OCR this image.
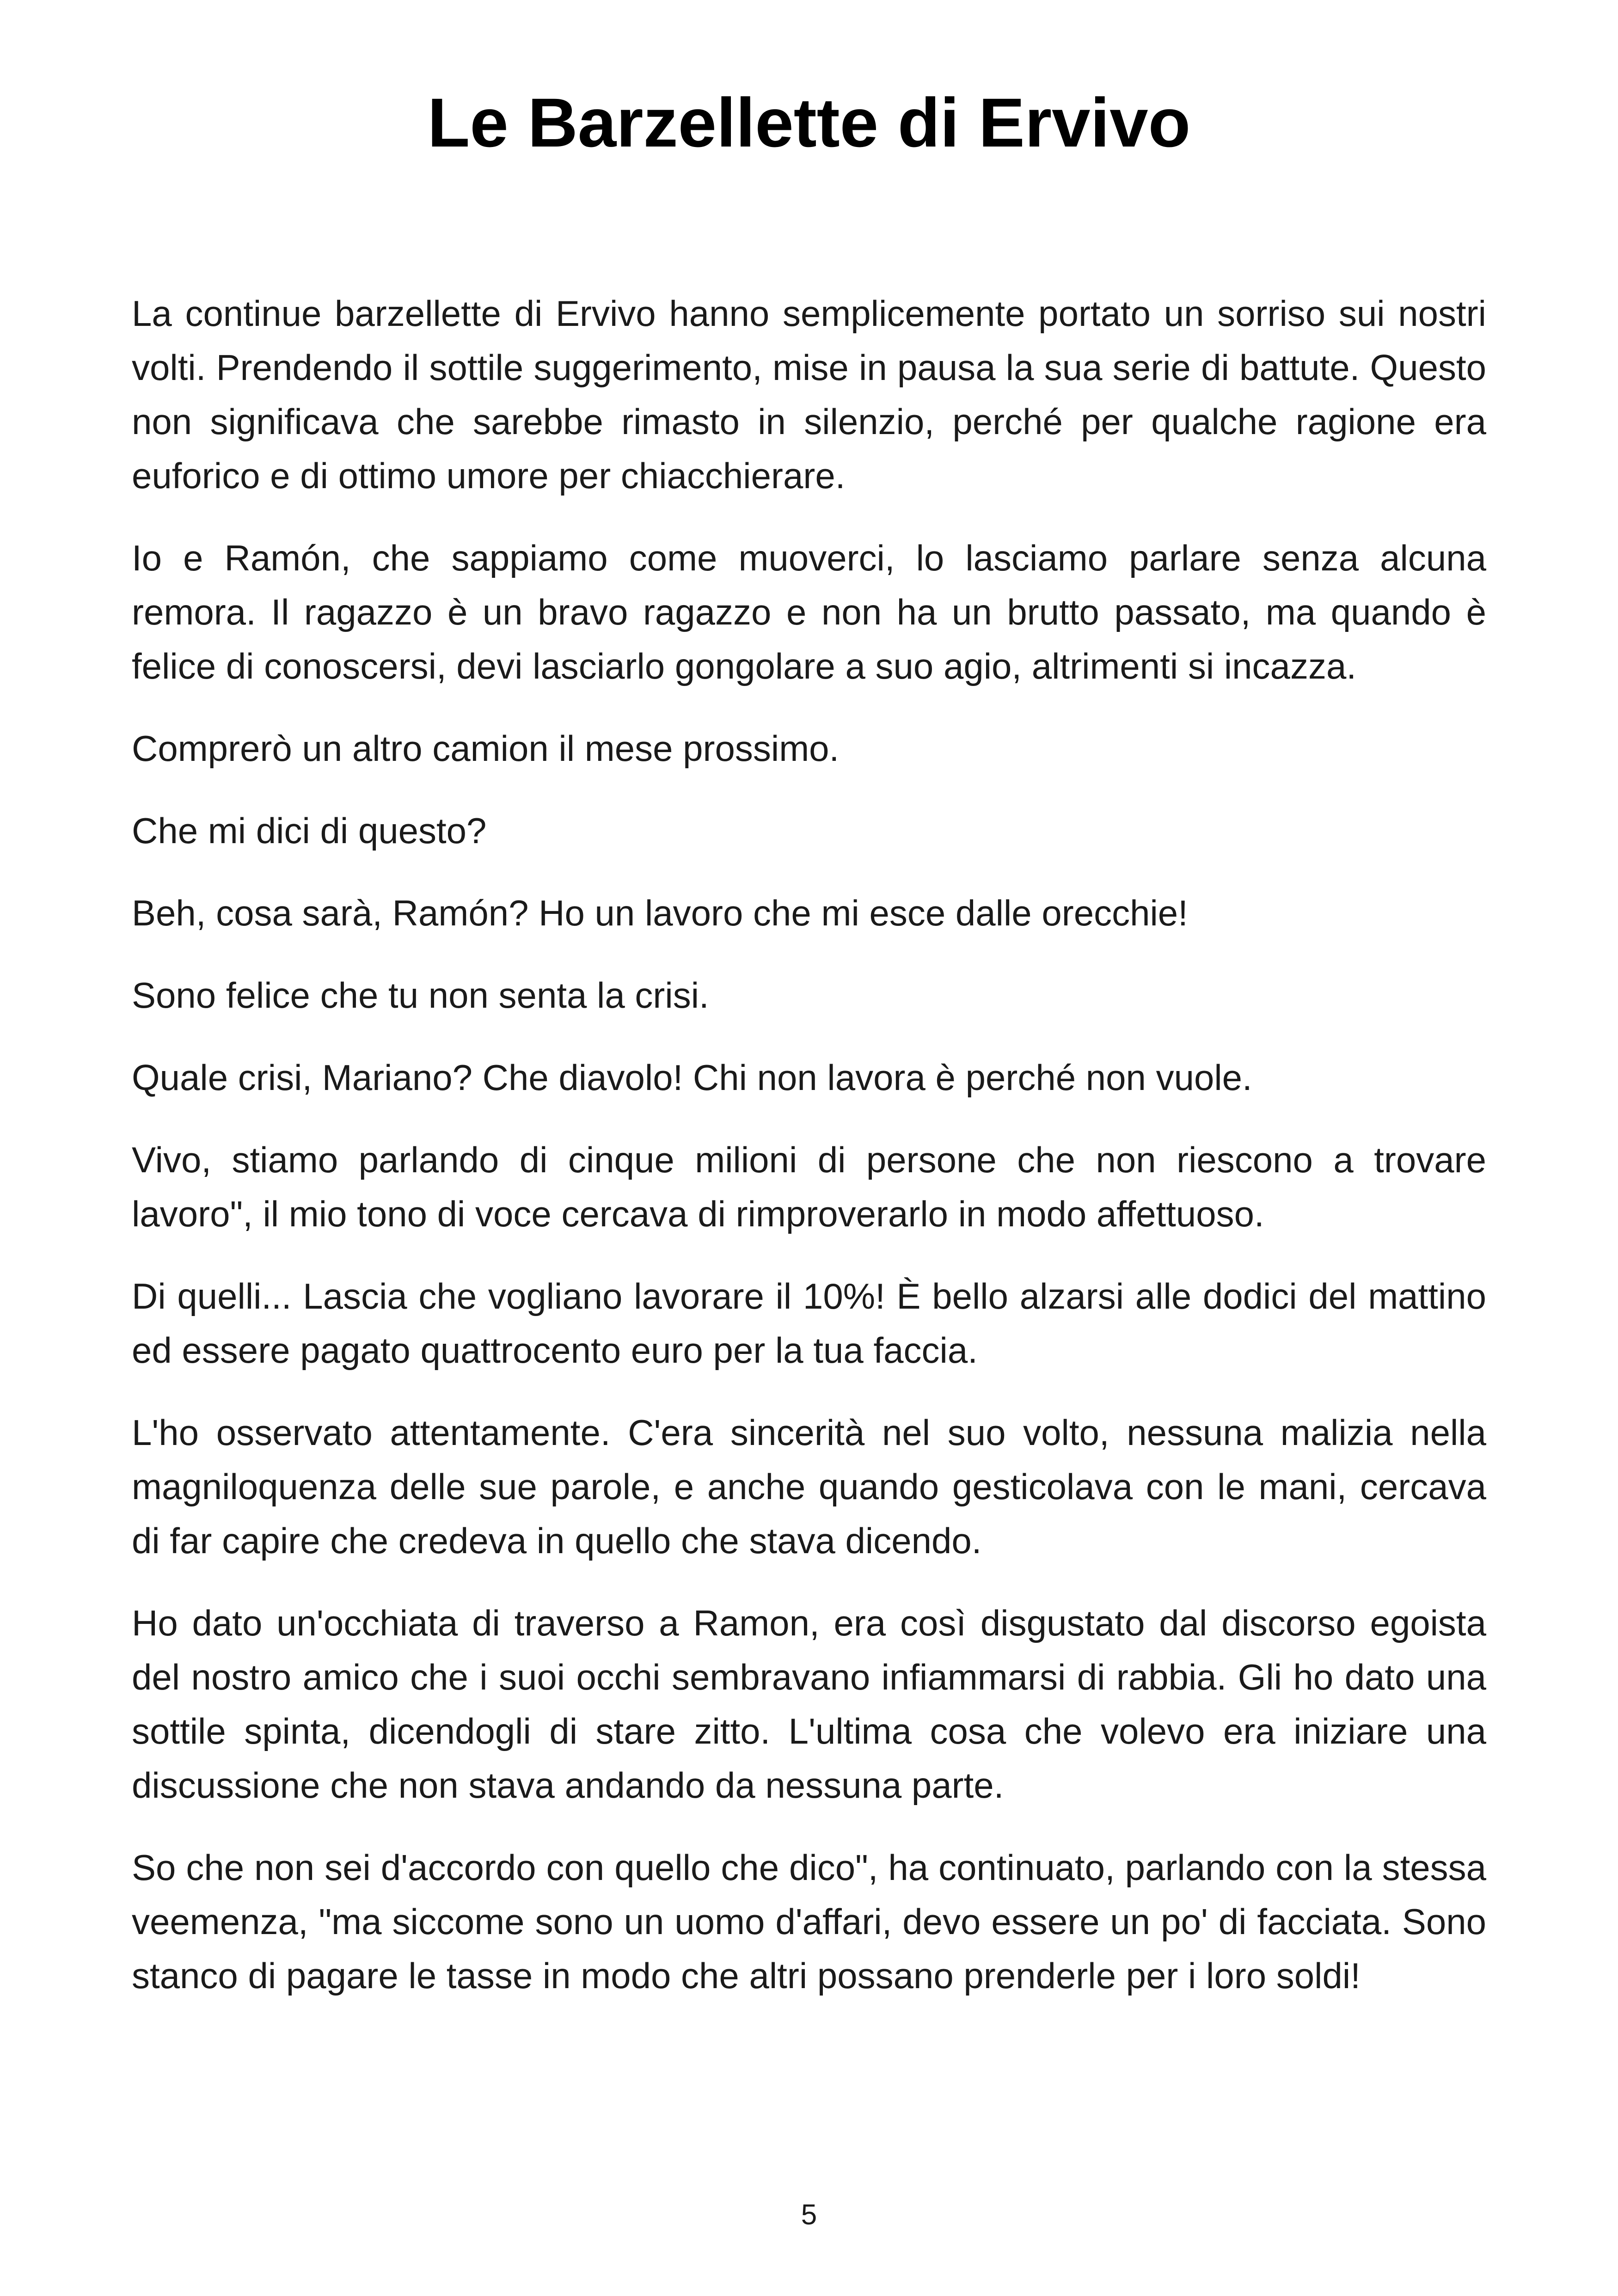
Le Barzellette di Ervivo

La continue barzellette di Ervivo hanno semplicemente portato un sorriso sui nostri volti. Prendendo il sottile suggerimento, mise in pausa la sua serie di battute. Questo non significava che sarebbe rimasto in silenzio, perché per qualche ragione era euforico e di ottimo umore per chiacchierare.

Io e Ramón, che sappiamo come muoverci, lo lasciamo parlare senza alcuna remora. Il ragazzo è un bravo ragazzo e non ha un brutto passato, ma quando è felice di conoscersi, devi lasciarlo gongolare a suo agio, altrimenti si incazza.

Comprerò un altro camion il mese prossimo.

Che mi dici di questo?

Beh, cosa sarà, Ramón? Ho un lavoro che mi esce dalle orecchie!

Sono felice che tu non senta la crisi.

Quale crisi, Mariano? Che diavolo! Chi non lavora è perché non vuole.

Vivo, stiamo parlando di cinque milioni di persone che non riescono a trovare lavoro", il mio tono di voce cercava di rimproverarlo in modo affettuoso.

Di quelli... Lascia che vogliano lavorare il 10%! È bello alzarsi alle dodici del mattino ed essere pagato quattrocento euro per la tua faccia.

L'ho osservato attentamente. C'era sincerità nel suo volto, nessuna malizia nella magniloquenza delle sue parole, e anche quando gesticolava con le mani, cercava di far capire che credeva in quello che stava dicendo.

Ho dato un'occhiata di traverso a Ramon, era così disgustato dal discorso egoista del nostro amico che i suoi occhi sembravano infiammarsi di rabbia. Gli ho dato una sottile spinta, dicendogli di stare zitto. L'ultima cosa che volevo era iniziare una discussione che non stava andando da nessuna parte.

So che non sei d'accordo con quello che dico", ha continuato, parlando con la stessa veemenza, "ma siccome sono un uomo d'affari, devo essere un po' di facciata. Sono stanco di pagare le tasse in modo che altri possano prenderle per i loro soldi!

5
